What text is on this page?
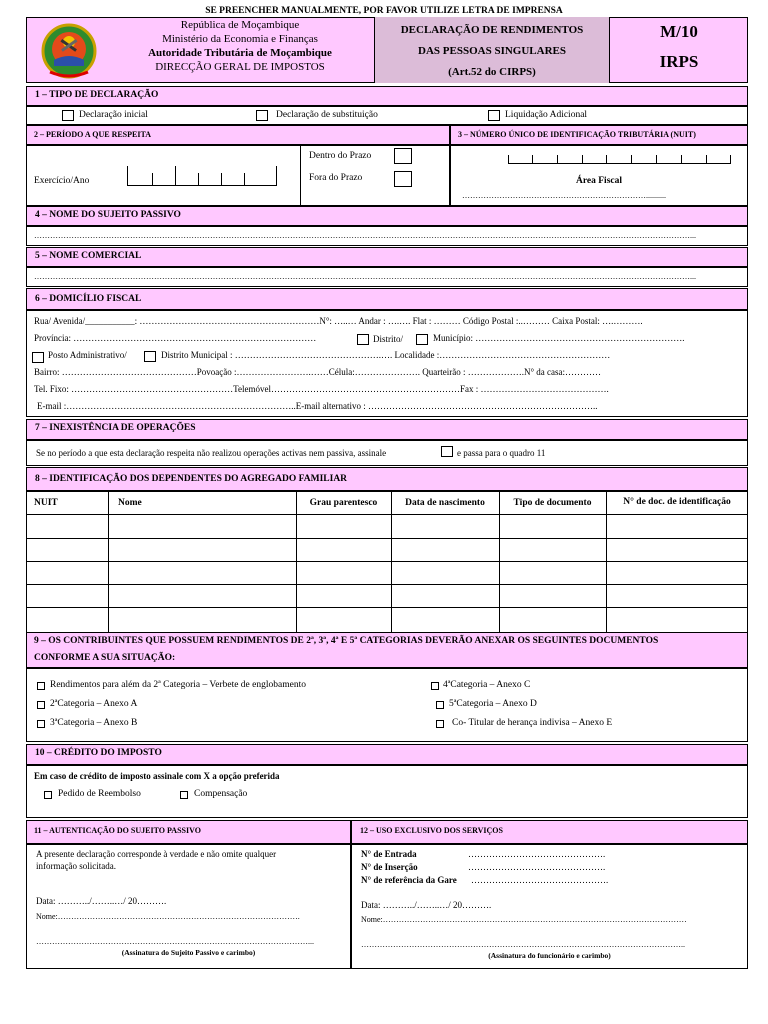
SE PREENCHER MANUALMENTE, POR FAVOR UTILIZE LETRA DE IMPRENSA
República de Moçambique
Ministério da Economia e Finanças
Autoridade Tributária de Moçambique
DIRECÇÃO GERAL DE IMPOSTOS
DECLARAÇÃO DE RENDIMENTOS
DAS PESSOAS SINGULARES
(Art.52 do CIRPS)
M/10
IRPS
1 – TIPO DE DECLARAÇÃO
Declaração inicial	Declaração de substituição	Liquidação Adicional
2 – PERÍODO A QUE RESPEITA	3 – NÚMERO ÚNICO DE IDENTIFICAÇÃO TRIBUTÁRIA (NUIT)
Exercício/Ano
Dentro do Prazo
Fora do Prazo	Área Fiscal
……………………………………………………………..........
4 – NOME DO SUJEITO PASSIVO
…………………………………………………………………………………………………………………………………………………………………………………………………………………………...
5 – NOME COMERCIAL
…………………………………………………………………………………………………………………………………………………………………………………………………………………………...
6 – DOMICÍLIO FISCAL
Rua/ Avenida/___________: ……………………………………………………N°: …..… Andar : ….…. Flat : ……… Código Postal :..……… Caixa Postal: ….……….
Província: ………………………………………………………………………	Distrito/	Município: …………………………………………………………….
Posto Administrativo/	Distrito Municipal : ………………………………………….…. Localidade :…………………………………………………
Bairro: ………………………………………Povoação :…………………….……Célula:…………………. Quarteirão : ……………….N° da casa:…………
Tel. Fixo: ………………………………………………Telemóvel………………………………………………………Fax : …………………………………….
E-mail :…………………………………………………………………..E-mail alternativo : …………………………………………………………………..
7 – INEXISTÊNCIA DE OPERAÇÕES
Se no período a que esta declaração respeita não realizou operações activas nem passiva, assinale	e passa para o quadro 11
8 – IDENTIFICAÇÃO DOS DEPENDENTES DO AGREGADO FAMILIAR
NUIT	Nome	Grau parentesco	Data de nascimento	Tipo de documento	N° de doc. de identificação
9 – OS CONTRIBUINTES QUE POSSUEM RENDIMENTOS DE 2ª, 3ª, 4ª E 5ª CATEGORIAS DEVERÃO ANEXAR OS SEGUINTES DOCUMENTOS
CONFORME A SUA SITUAÇÃO:
Rendimentos para além da 2ª Categoria – Verbete de englobamento
2ªCategoria – Anexo A
3ªCategoria – Anexo B
4ªCategoria – Anexo C
5ªCategoria – Anexo D
Co- Titular de herança indivisa – Anexo E
10 – CRÉDITO DO IMPOSTO
Em caso de crédito de imposto assinale com X a opção preferida
Pedido de Reembolso	Compensação
11 – AUTENTICAÇÃO DO SUJEITO PASSIVO	12 – USO EXCLUSIVO DOS SERVIÇOS
A presente declaração corresponde à verdade e não omite qualquer
informação solicitada.
Data: ………../……..…/ 20……….
Nome:……………………………………………………………………………….
…………………………………………………………………………………………...
(Assinatura do Sujeito Passivo e carimbo)
N° de Entrada	……………………………………….
N° de Inserção	……………………………………….
N° de referência da Gare ……………………………………….
Data: ………../……..…/ 20……….
Nome:……………………………………………………………………………………………………
…………………………………………………………………………………………………………..
(Assinatura do funcionário e carimbo)
